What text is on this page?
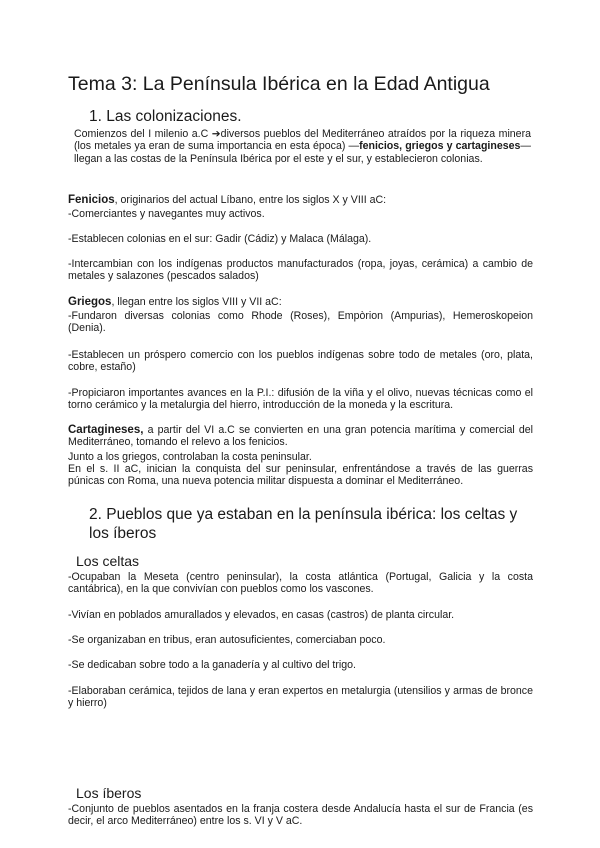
Tema 3: La Península Ibérica en la Edad Antigua
1. Las colonizaciones.
Comienzos del I milenio a.C ➔diversos pueblos del Mediterráneo atraídos por la riqueza minera (los metales ya eran de suma importancia en esta época) —fenicios, griegos y cartagineses— llegan a las costas de la Península Ibérica por el este y el sur, y establecieron colonias.
Fenicios, originarios del actual Líbano, entre los siglos X y VIII aC:
-Comerciantes y navegantes muy activos.
-Establecen colonias en el sur: Gadir (Cádiz) y Malaca (Málaga).
-Intercambian con los indígenas productos manufacturados (ropa, joyas, cerámica) a cambio de metales y salazones (pescados salados)
Griegos, llegan entre los siglos VIII y VII aC:
-Fundaron diversas colonias como Rhode (Roses), Empòrion (Ampurias), Hemeroskopeion (Denia).
-Establecen un próspero comercio con los pueblos indígenas sobre todo de metales (oro, plata, cobre, estaño)
-Propiciaron importantes avances en la P.I.: difusión de la viña y el olivo, nuevas técnicas como el torno cerámico y la metalurgia del hierro, introducción de la moneda y la escritura.
Cartagineses, a partir del VI a.C se convierten en una gran potencia marítima y comercial del Mediterráneo, tomando el relevo a los fenicios.
Junto a los griegos, controlaban la costa peninsular.
En el s. II aC, inician la conquista del sur peninsular, enfrentándose a través de las guerras púnicas con Roma, una nueva potencia militar dispuesta a dominar el Mediterráneo.
2. Pueblos que ya estaban en la península ibérica: los celtas y los íberos
Los celtas
-Ocupaban la Meseta (centro peninsular), la costa atlántica (Portugal, Galicia y la costa cantábrica), en la que convivían con pueblos como los vascones.
-Vivían en poblados amurallados y elevados, en casas (castros) de planta circular.
-Se organizaban en tribus, eran autosuficientes, comerciaban poco.
-Se dedicaban sobre todo a la ganadería y al cultivo del trigo.
-Elaboraban cerámica, tejidos de lana y eran expertos en metalurgia (utensilios y armas de bronce y hierro)
Los íberos
-Conjunto de pueblos asentados en la franja costera desde Andalucía hasta el sur de Francia (es decir, el arco Mediterráneo) entre los s. VI y V aC.
